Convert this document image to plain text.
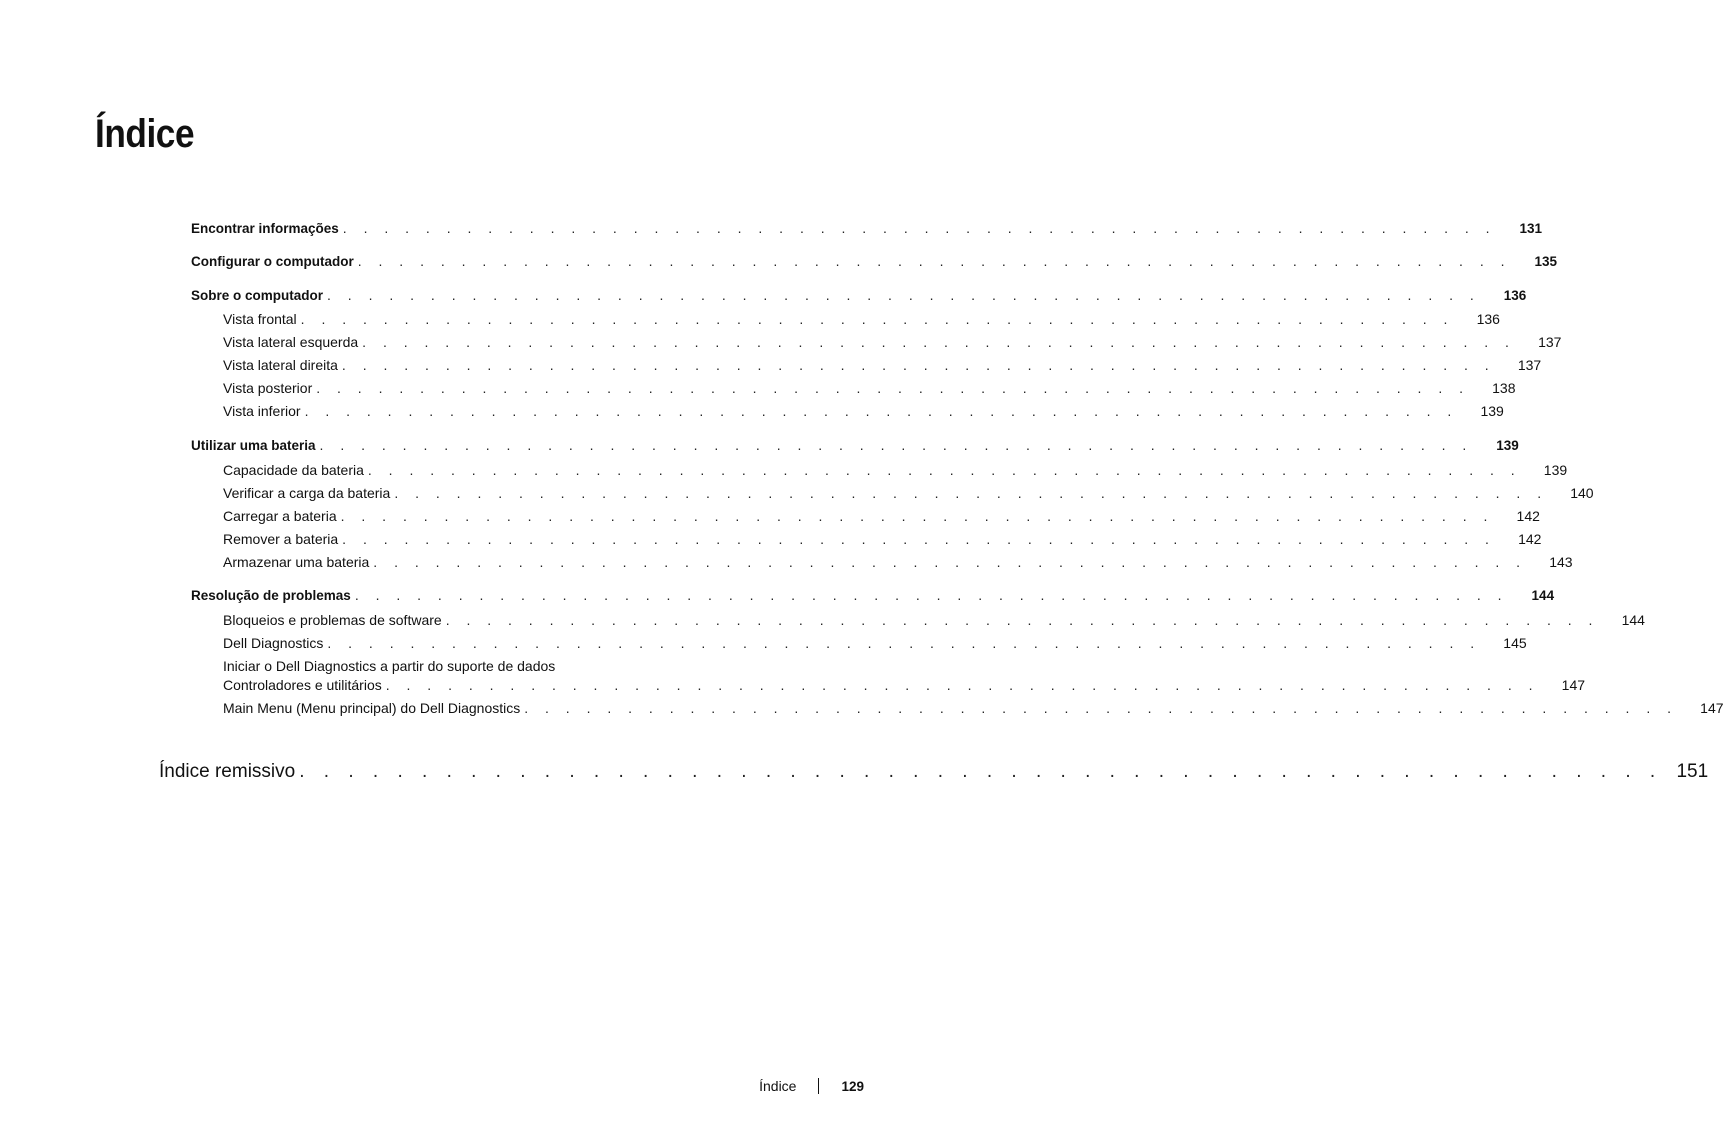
Índice
Encontrar informações . . . . . . . . . . . . . . . . . . . . . . . . . . . . . . . . . . . . . . . . . . . . . . . . . . . . . . . .	131
Configurar o computador . . . . . . . . . . . . . . . . . . . . . . . . . . . . . . . . . . . . . . . . . . . . . . . . . . . . . . . .	135
Sobre o computador . . . . . . . . . . . . . . . . . . . . . . . . . . . . . . . . . . . . . . . . . . . . . . . . . . . . . . . .	136
Vista frontal . . . . . . . . . . . . . . . . . . . . . . . . . . . . . . . . . . . . . . . . . . . . . . . . . . . . . . . .	136
Vista lateral esquerda . . . . . . . . . . . . . . . . . . . . . . . . . . . . . . . . . . . . . . . . . . . . . . . . . . . . . . . .	137
Vista lateral direita . . . . . . . . . . . . . . . . . . . . . . . . . . . . . . . . . . . . . . . . . . . . . . . . . . . . . . . .	137
Vista posterior . . . . . . . . . . . . . . . . . . . . . . . . . . . . . . . . . . . . . . . . . . . . . . . . . . . . . . . .	138
Vista inferior . . . . . . . . . . . . . . . . . . . . . . . . . . . . . . . . . . . . . . . . . . . . . . . . . . . . . . . .	139
Utilizar uma bateria . . . . . . . . . . . . . . . . . . . . . . . . . . . . . . . . . . . . . . . . . . . . . . . . . . . . . . . .	139
Capacidade da bateria . . . . . . . . . . . . . . . . . . . . . . . . . . . . . . . . . . . . . . . . . . . . . . . . . . . . . . . .	139
Verificar a carga da bateria . . . . . . . . . . . . . . . . . . . . . . . . . . . . . . . . . . . . . . . . . . . . . . . . . . . . . . . .	140
Carregar a bateria . . . . . . . . . . . . . . . . . . . . . . . . . . . . . . . . . . . . . . . . . . . . . . . . . . . . . . . .	142
Remover a bateria . . . . . . . . . . . . . . . . . . . . . . . . . . . . . . . . . . . . . . . . . . . . . . . . . . . . . . . .	142
Armazenar uma bateria . . . . . . . . . . . . . . . . . . . . . . . . . . . . . . . . . . . . . . . . . . . . . . . . . . . . . . . .	143
Resolução de problemas . . . . . . . . . . . . . . . . . . . . . . . . . . . . . . . . . . . . . . . . . . . . . . . . . . . . . . . .	144
Bloqueios e problemas de software . . . . . . . . . . . . . . . . . . . . . . . . . . . . . . . . . . . . . . . . . . . . . . . . . . . . . . . .	144
Dell Diagnostics . . . . . . . . . . . . . . . . . . . . . . . . . . . . . . . . . . . . . . . . . . . . . . . . . . . . . . . .	145
Iniciar o Dell Diagnostics a partir do suporte de dados
Controladores e utilitários . . . . . . . . . . . . . . . . . . . . . . . . . . . . . . . . . . . . . . . . . . . . . . . . . . . . . . . .	147
Main Menu (Menu principal) do Dell Diagnostics . . . . . . . . . . . . . . . . . . . . . . . . . . . . . . . . . . . . . . . . . . . . . . . . . . . . . . . .	147
Índice remissivo . . . . . . . . . . . . . . . . . . . . . . . . . . . . . . . . . . . . . . . . . . . . . . . . . . . . . . . . 151
Índice	129
